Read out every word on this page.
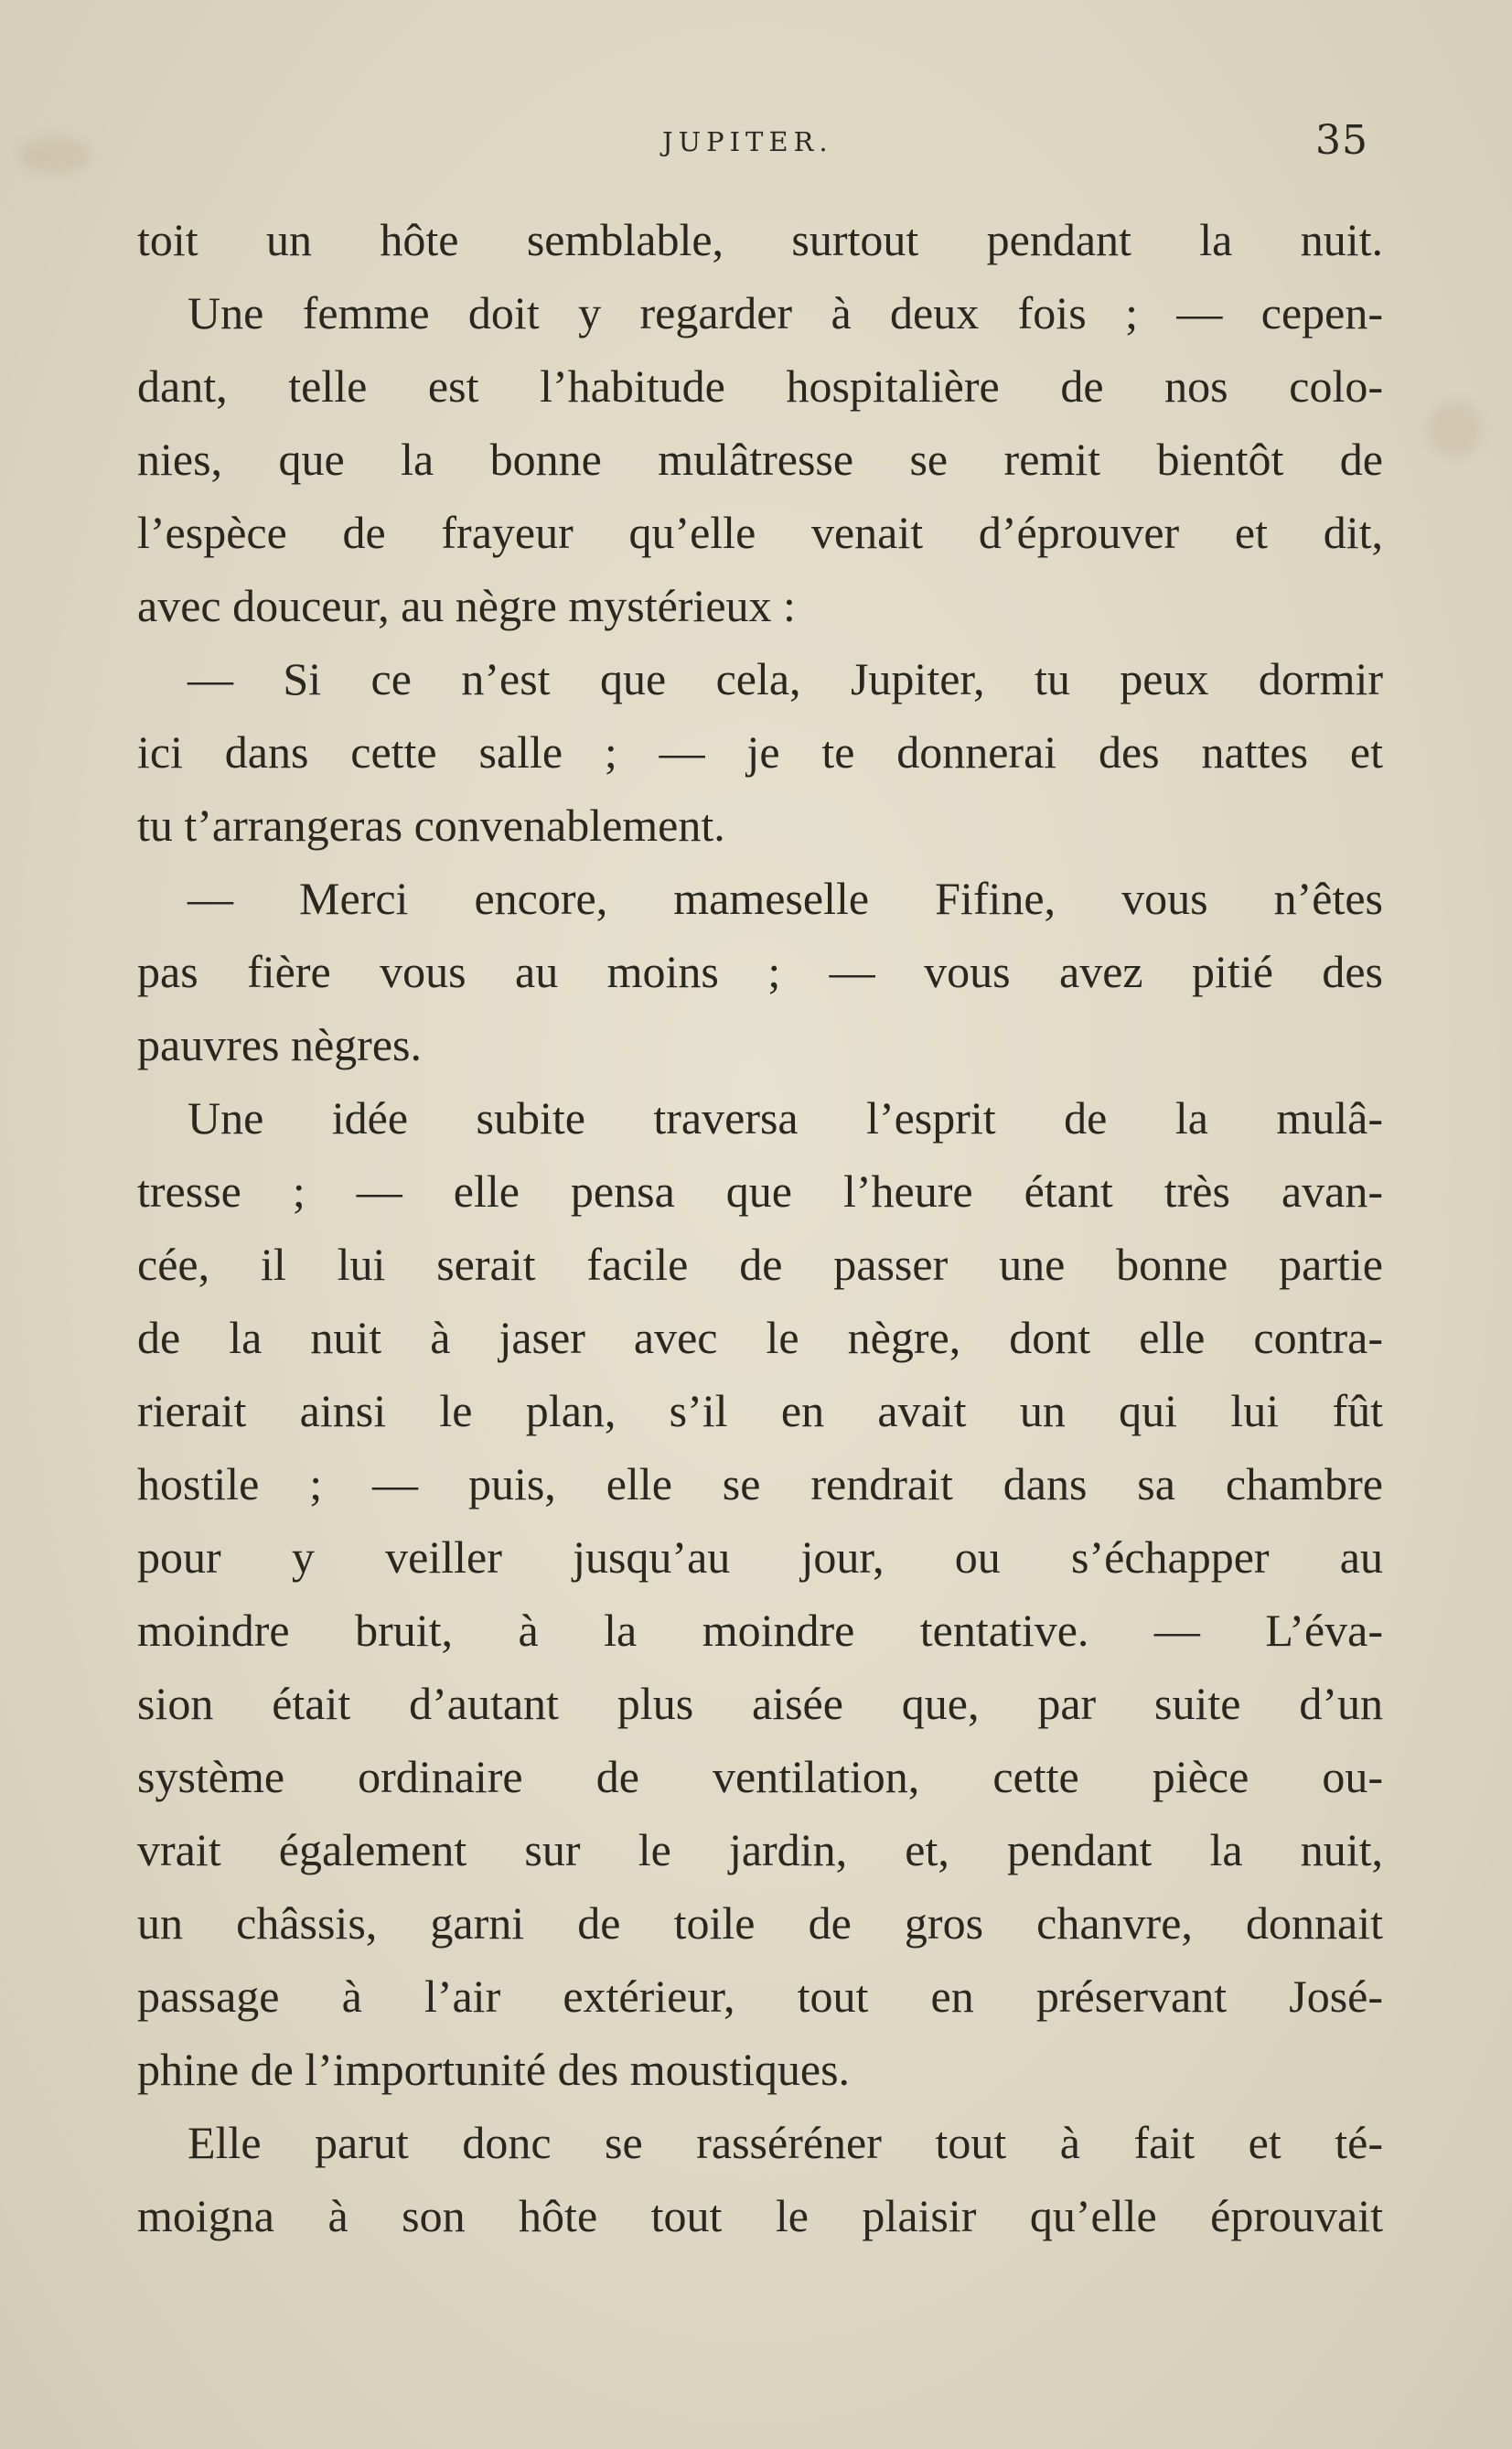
JUPITER.	35
toit un hôte semblable, surtout pendant la nuit.
Une femme doit y regarder à deux fois ; — cepen-
dant, telle est l’habitude hospitalière de nos colo-
nies, que la bonne mulâtresse se remit bientôt de
l’espèce de frayeur qu’elle venait d’éprouver et dit,
avec douceur, au nègre mystérieux :
— Si ce n’est que cela, Jupiter, tu peux dormir
ici dans cette salle ; — je te donnerai des nattes et
tu t’arrangeras convenablement.
— Merci encore, mameselle Fifine, vous n’êtes
pas fière vous au moins ; — vous avez pitié des
pauvres nègres.
Une idée subite traversa l’esprit de la mulâ-
tresse ; — elle pensa que l’heure étant très avan-
cée, il lui serait facile de passer une bonne partie
de la nuit à jaser avec le nègre, dont elle contra-
rierait ainsi le plan, s’il en avait un qui lui fût
hostile ; — puis, elle se rendrait dans sa chambre
pour y veiller jusqu’au jour, ou s’échapper au
moindre bruit, à la moindre tentative. — L’éva-
sion était d’autant plus aisée que, par suite d’un
système ordinaire de ventilation, cette pièce ou-
vrait également sur le jardin, et, pendant la nuit,
un châssis, garni de toile de gros chanvre, donnait
passage à l’air extérieur, tout en préservant José-
phine de l’importunité des moustiques.
Elle parut donc se rasséréner tout à fait et té-
moigna à son hôte tout le plaisir qu’elle éprouvait
